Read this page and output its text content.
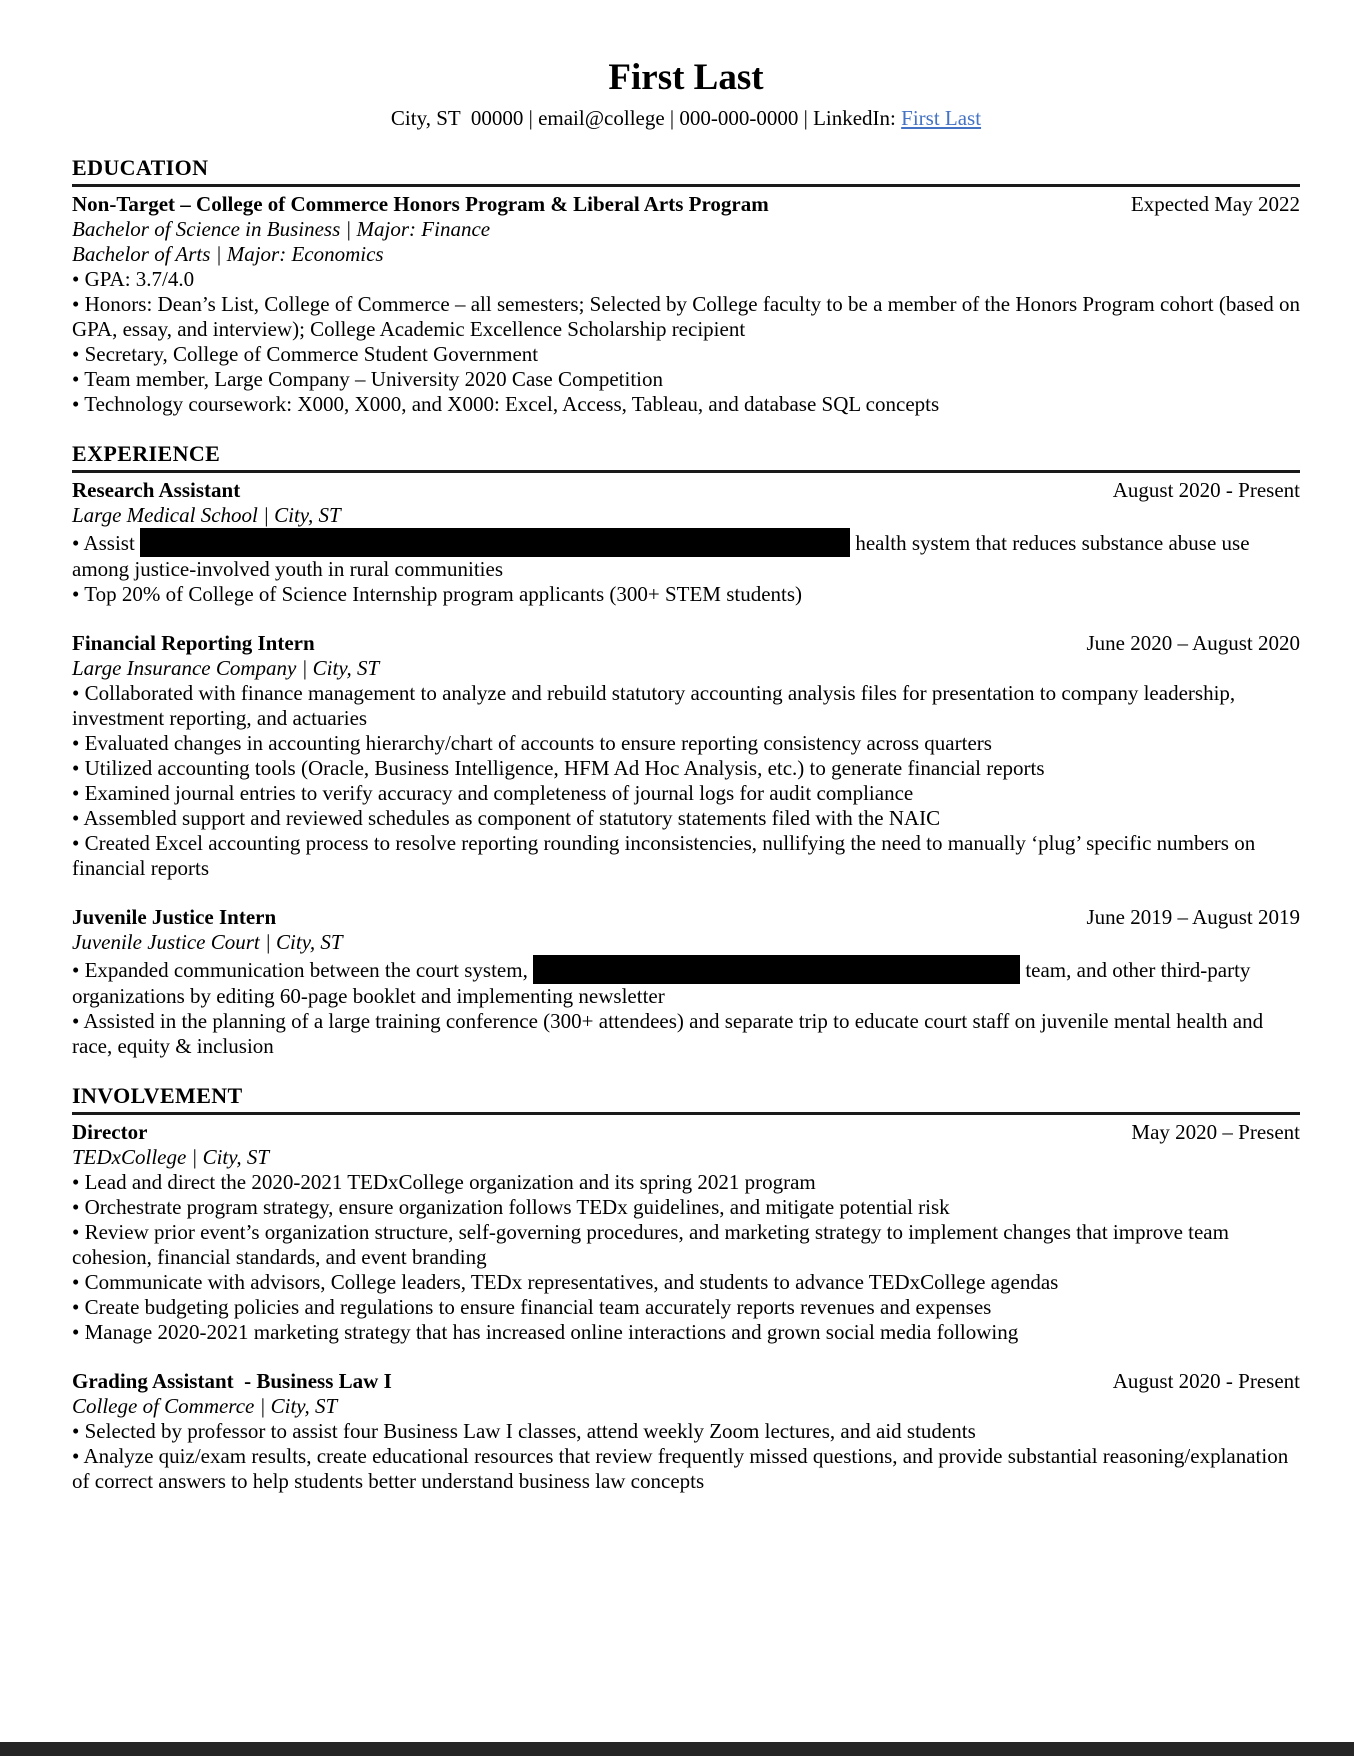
First Last

City, ST  00000 | email@college | 000-000-0000 | LinkedIn: First Last

EDUCATION
Non-Target – College of Commerce Honors Program & Liberal Arts Program	Expected May 2022
Bachelor of Science in Business | Major: Finance
Bachelor of Arts | Major: Economics
• GPA: 3.7/4.0
• Honors: Dean’s List, College of Commerce – all semesters; Selected by College faculty to be a member of the Honors Program cohort (based on GPA, essay, and interview); College Academic Excellence Scholarship recipient
• Secretary, College of Commerce Student Government
• Team member, Large Company – University 2020 Case Competition
• Technology coursework: X000, X000, and X000: Excel, Access, Tableau, and database SQL concepts
EXPERIENCE
Research Assistant	August 2020 - Present
Large Medical School | City, ST
• Assist	health system that reduces substance abuse use among justice-involved youth in rural communities
• Top 20% of College of Science Internship program applicants (300+ STEM students)
Financial Reporting Intern	June 2020 – August 2020
Large Insurance Company | City, ST
• Collaborated with finance management to analyze and rebuild statutory accounting analysis files for presentation to company leadership, investment reporting, and actuaries
• Evaluated changes in accounting hierarchy/chart of accounts to ensure reporting consistency across quarters
• Utilized accounting tools (Oracle, Business Intelligence, HFM Ad Hoc Analysis, etc.) to generate financial reports
• Examined journal entries to verify accuracy and completeness of journal logs for audit compliance
• Assembled support and reviewed schedules as component of statutory statements filed with the NAIC
• Created Excel accounting process to resolve reporting rounding inconsistencies, nullifying the need to manually ‘plug’ specific numbers on financial reports
Juvenile Justice Intern	June 2019 – August 2019
Juvenile Justice Court | City, ST
• Expanded communication between the court system,	team, and other third-party organizations by editing 60-page booklet and implementing newsletter
• Assisted in the planning of a large training conference (300+ attendees) and separate trip to educate court staff on juvenile mental health and race, equity & inclusion
INVOLVEMENT
Director	May 2020 – Present
TEDxCollege | City, ST
• Lead and direct the 2020-2021 TEDxCollege organization and its spring 2021 program
• Orchestrate program strategy, ensure organization follows TEDx guidelines, and mitigate potential risk
• Review prior event’s organization structure, self-governing procedures, and marketing strategy to implement changes that improve team cohesion, financial standards, and event branding
• Communicate with advisors, College leaders, TEDx representatives, and students to advance TEDxCollege agendas
• Create budgeting policies and regulations to ensure financial team accurately reports revenues and expenses
• Manage 2020-2021 marketing strategy that has increased online interactions and grown social media following
Grading Assistant  - Business Law I	August 2020 - Present
College of Commerce | City, ST
• Selected by professor to assist four Business Law I classes, attend weekly Zoom lectures, and aid students
• Analyze quiz/exam results, create educational resources that review frequently missed questions, and provide substantial reasoning/explanation of correct answers to help students better understand business law concepts
